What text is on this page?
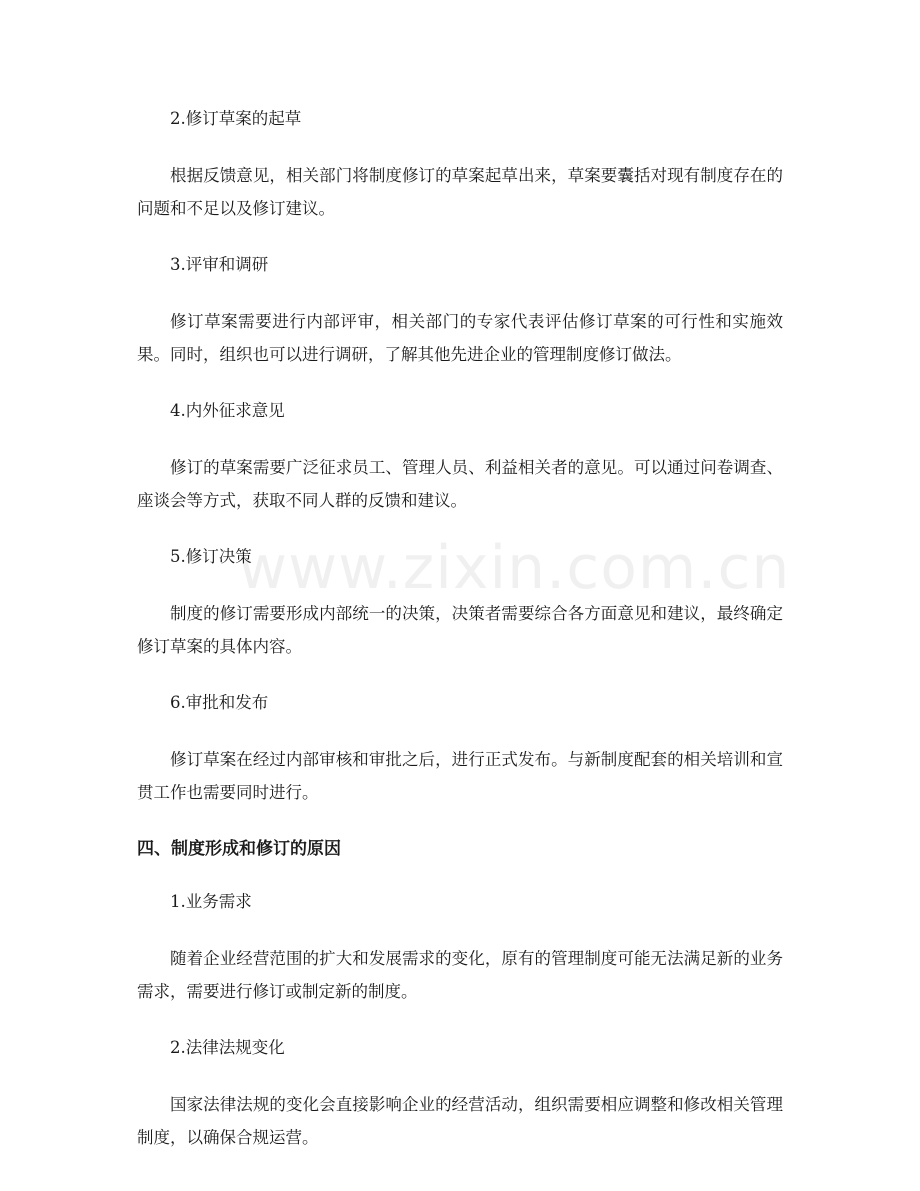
www.zixin.com.cn

2.修订草案的起草

根据反馈意见，相关部门将制度修订的草案起草出来，草案要囊括对现有制度存在的问题和不足以及修订建议。

3.评审和调研

修订草案需要进行内部评审，相关部门的专家代表评估修订草案的可行性和实施效果。同时，组织也可以进行调研，了解其他先进企业的管理制度修订做法。

4.内外征求意见

修订的草案需要广泛征求员工、管理人员、利益相关者的意见。可以通过问卷调查、座谈会等方式，获取不同人群的反馈和建议。

5.修订决策

制度的修订需要形成内部统一的决策，决策者需要综合各方面意见和建议，最终确定修订草案的具体内容。

6.审批和发布

修订草案在经过内部审核和审批之后，进行正式发布。与新制度配套的相关培训和宣贯工作也需要同时进行。

四、制度形成和修订的原因

1.业务需求

随着企业经营范围的扩大和发展需求的变化，原有的管理制度可能无法满足新的业务需求，需要进行修订或制定新的制度。

2.法律法规变化

国家法律法规的变化会直接影响企业的经营活动，组织需要相应调整和修改相关管理制度，以确保合规运营。
